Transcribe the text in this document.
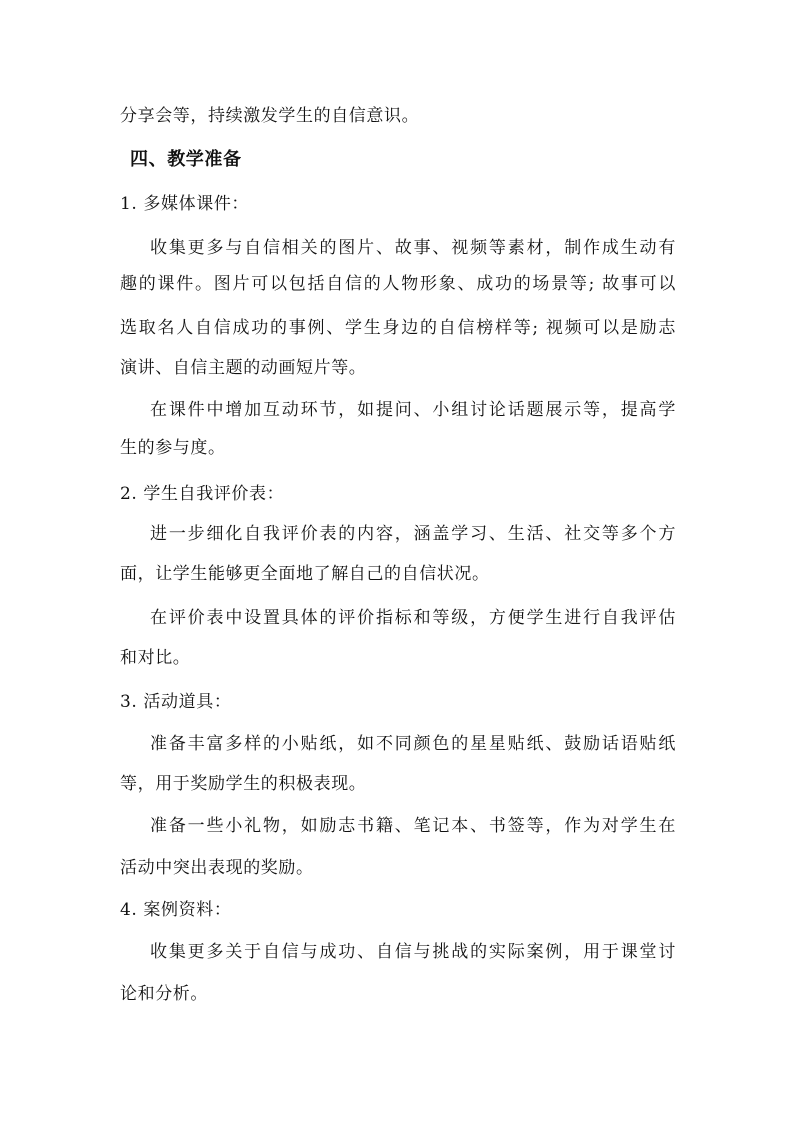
分享会等，持续激发学生的自信意识。
四、教学准备
1. 多媒体课件：
收集更多与自信相关的图片、故事、视频等素材，制作成生动有
趣的课件。图片可以包括自信的人物形象、成功的场景等; 故事可以
选取名人自信成功的事例、学生身边的自信榜样等; 视频可以是励志
演讲、自信主题的动画短片等。
在课件中增加互动环节，如提问、小组讨论话题展示等，提高学
生的参与度。
2. 学生自我评价表：
进一步细化自我评价表的内容，涵盖学习、生活、社交等多个方
面，让学生能够更全面地了解自己的自信状况。
在评价表中设置具体的评价指标和等级，方便学生进行自我评估
和对比。
3. 活动道具：
准备丰富多样的小贴纸，如不同颜色的星星贴纸、鼓励话语贴纸
等，用于奖励学生的积极表现。
准备一些小礼物，如励志书籍、笔记本、书签等，作为对学生在
活动中突出表现的奖励。
4. 案例资料：
收集更多关于自信与成功、自信与挑战的实际案例，用于课堂讨
论和分析。
